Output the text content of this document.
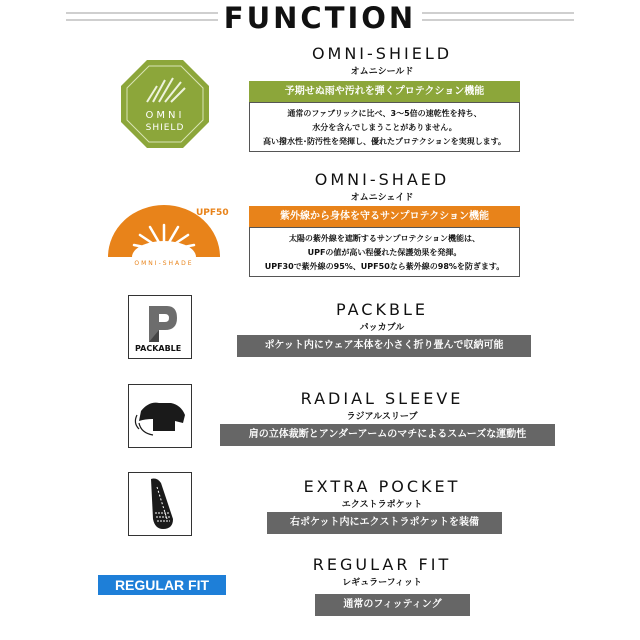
FUNCTION
OMNI
SHIELD
OMNI-SHIELD
オムニシールド
予期せぬ雨や汚れを弾くプロテクション機能
通常のファブリックに比べ、3～5倍の速乾性を持ち、
水分を含んでしまうことがありません。
高い撥水性･防汚性を発揮し、優れたプロテクションを実現します。
OMNI-SHADE
UPF50
OMNI-SHAED
オムニシェイド
紫外線から身体を守るサンプロテクション機能
太陽の紫外線を遮断するサンプロテクション機能は、
UPFの値が高い程優れた保護効果を発揮。
UPF30で紫外線の95%、UPF50なら紫外線の98%を防ぎます。
PACKABLE
PACKBLE
パッカブル
ポケット内にウェア本体を小さく折り畳んで収納可能
RADIAL SLEEVE
ラジアルスリーブ
肩の立体裁断とアンダーアームのマチによるスムーズな運動性
EXTRA POCKET
エクストラポケット
右ポケット内にエクストラポケットを装備
REGULAR FIT
REGULAR FIT
レギュラーフィット
通常のフィッティング
